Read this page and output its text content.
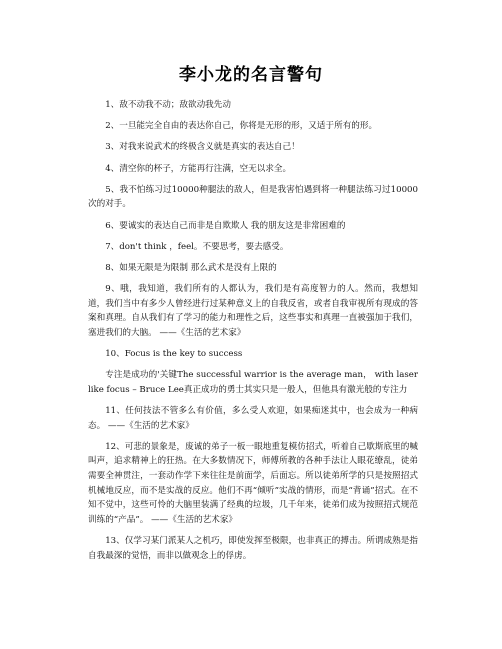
李小龙的名言警句

1、敌不动我不动；敌欲动我先动

2、一旦能完全自由的表达你自己，你将是无形的形，又适于所有的形。

3、对我来说武术的终极含义就是真实的表达自己！

4、清空你的杯子，方能再行注满，空无以求全。

5、我不怕练习过10000种腿法的敌人，但是我害怕遇到将一种腿法练习过10000次的对手。

6、要诚实的表达自己而非是自欺欺人 我的朋友这是非常困难的

7、don't think ，feel。不要思考，要去感受。

8、如果无限是为限制 那么武术是没有上限的

9、哦，我知道，我们所有的人都认为，我们是有高度智力的人。然而，我想知道，我们当中有多少人曾经进行过某种意义上的自我反省，或者自我审视所有现成的答案和真理。自从我们有了学习的能力和理性之后，这些事实和真理一直被强加于我们，塞进我们的大脑。 ——《生活的艺术家》

10、Focus is the key to success

专注是成功的'关键The successful warrior is the average man， with laserlike focus – Bruce Lee真正成功的勇士其实只是一般人，但他具有激光般的专注力

11、任何技法不管多么有价值，多么受人欢迎，如果痴迷其中，也会成为一种病态。 ——《生活的艺术家》

12、可悲的景象是，废诚的弟子一板一眼地重复模仿招式，听着自己歇斯底里的喊叫声，追求精神上的狂热。在大多数情况下，师傅所教的各种手法让人眼花缭乱，徒弟需要全神贯注，一套动作学下来往往是前面学，后面忘。所以徒弟所学的只是按照招式机械地反应，而不是实战的反应。他们不再“倾听”实战的情形，而是“背诵”招式。在不知不觉中，这些可怜的大脑里装满了经典的垃圾，几千年来，徒弟们成为按照招式规范训练的“产品”。 ——《生活的艺术家》

13、仅学习某门派某人之机巧，即使发挥至极限，也非真正的搏击。所谓成熟是指自我最深的觉悟，而非以做观念上的俘虏。
